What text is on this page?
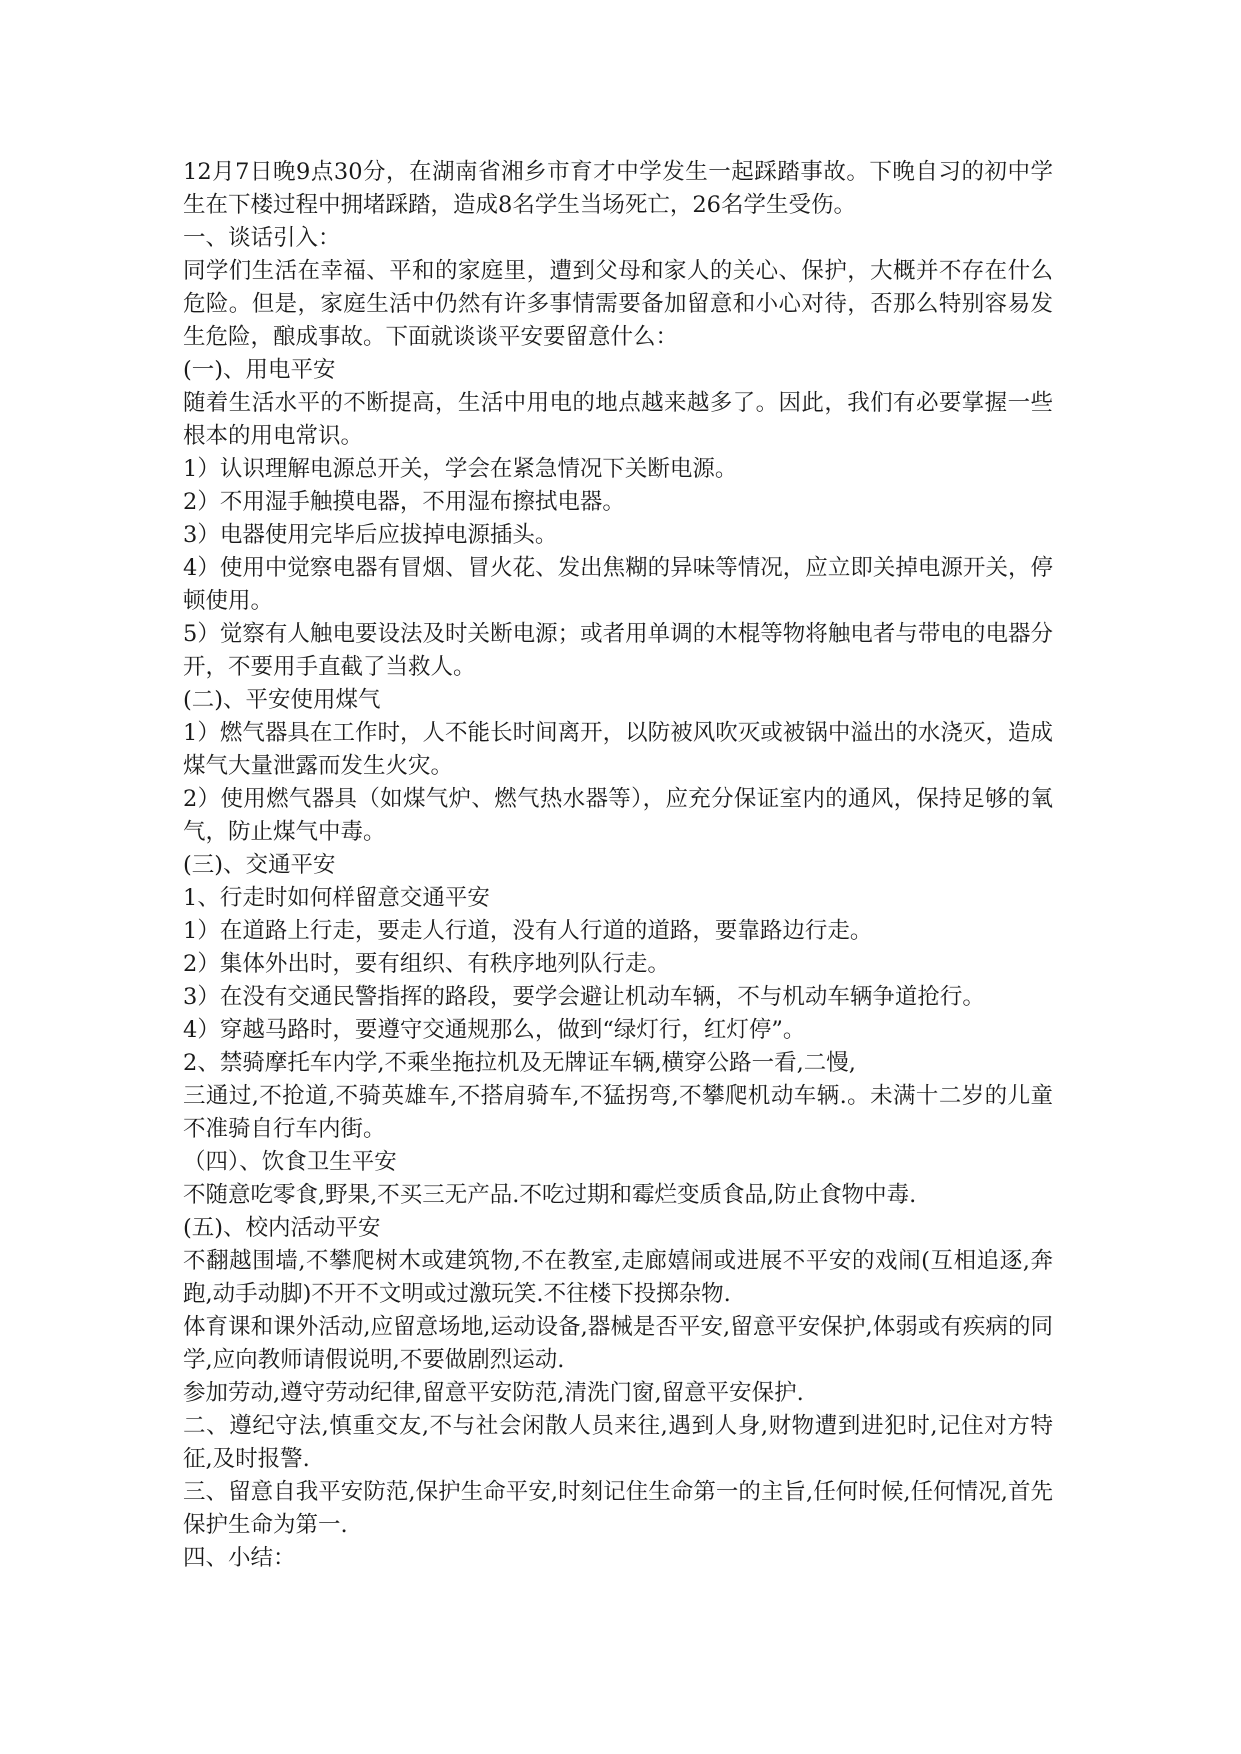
12月7日晚9点30分，在湖南省湘乡市育才中学发生一起踩踏事故。下晚自习的初中学生在下楼过程中拥堵踩踏，造成8名学生当场死亡，26名学生受伤。

一、谈话引入：

同学们生活在幸福、平和的家庭里，遭到父母和家人的关心、保护，大概并不存在什么危险。但是，家庭生活中仍然有许多事情需要备加留意和小心对待，否那么特别容易发生危险，酿成事故。下面就谈谈平安要留意什么：

(一)、用电平安

随着生活水平的不断提高，生活中用电的地点越来越多了。因此，我们有必要掌握一些根本的用电常识。

1）认识理解电源总开关，学会在紧急情况下关断电源。

2）不用湿手触摸电器，不用湿布擦拭电器。

3）电器使用完毕后应拔掉电源插头。

4）使用中觉察电器有冒烟、冒火花、发出焦糊的异味等情况，应立即关掉电源开关，停顿使用。

5）觉察有人触电要设法及时关断电源；或者用单调的木棍等物将触电者与带电的电器分开，不要用手直截了当救人。

(二)、平安使用煤气

1）燃气器具在工作时，人不能长时间离开，以防被风吹灭或被锅中溢出的水浇灭，造成煤气大量泄露而发生火灾。

2）使用燃气器具（如煤气炉、燃气热水器等），应充分保证室内的通风，保持足够的氧气，防止煤气中毒。

(三)、交通平安

1、行走时如何样留意交通平安

1）在道路上行走，要走人行道，没有人行道的道路，要靠路边行走。

2）集体外出时，要有组织、有秩序地列队行走。

3）在没有交通民警指挥的路段，要学会避让机动车辆，不与机动车辆争道抢行。

4）穿越马路时，要遵守交通规那么，做到“绿灯行，红灯停”。

2、禁骑摩托车内学,不乘坐拖拉机及无牌证车辆,横穿公路一看,二慢,

三通过,不抢道,不骑英雄车,不搭肩骑车,不猛拐弯,不攀爬机动车辆.。未满十二岁的儿童不准骑自行车内街。

（四）、饮食卫生平安

不随意吃零食,野果,不买三无产品.不吃过期和霉烂变质食品,防止食物中毒.

(五)、校内活动平安

不翻越围墙,不攀爬树木或建筑物,不在教室,走廊嬉闹或进展不平安的戏闹(互相追逐,奔跑,动手动脚)不开不文明或过激玩笑.不往楼下投掷杂物.

体育课和课外活动,应留意场地,运动设备,器械是否平安,留意平安保护,体弱或有疾病的同学,应向教师请假说明,不要做剧烈运动.

参加劳动,遵守劳动纪律,留意平安防范,清洗门窗,留意平安保护.

二、遵纪守法,慎重交友,不与社会闲散人员来往,遇到人身,财物遭到进犯时,记住对方特征,及时报警.

三、留意自我平安防范,保护生命平安,时刻记住生命第一的主旨,任何时候,任何情况,首先保护生命为第一.

四、小结：
